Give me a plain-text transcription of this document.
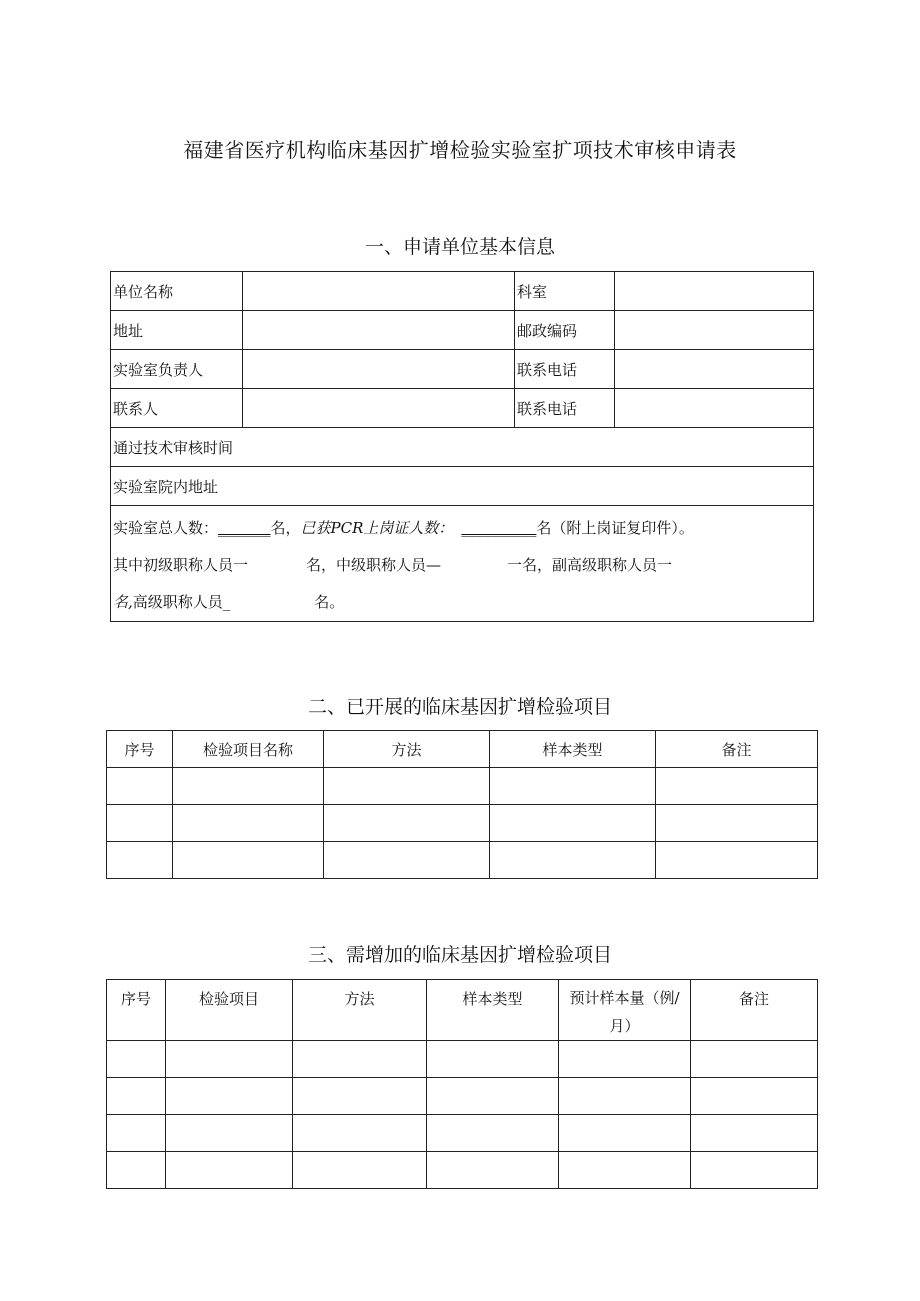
福建省医疗机构临床基因扩增检验实验室扩项技术审核申请表
一、申请单位基本信息
单位名称		科室	
地址		邮政编码	
实验室负责人		联系电话	
联系人		联系电话	
通过技术审核时间			
实验室院内地址			

实验室总人数：_______名，已获PCR上岗证人数： __________名（附上岗证复印件）。
其中初级职称人员一 名，中级职称人员— 一名，副高级职称人员一
名,高级职称人员_ 名。			
二、已开展的临床基因扩增检验项目
序号	检验项目名称	方法	样本类型	备注

三、需增加的临床基因扩增检验项目
序号	检验项目	方法	样本类型	预计样本量（例/月）	备注
